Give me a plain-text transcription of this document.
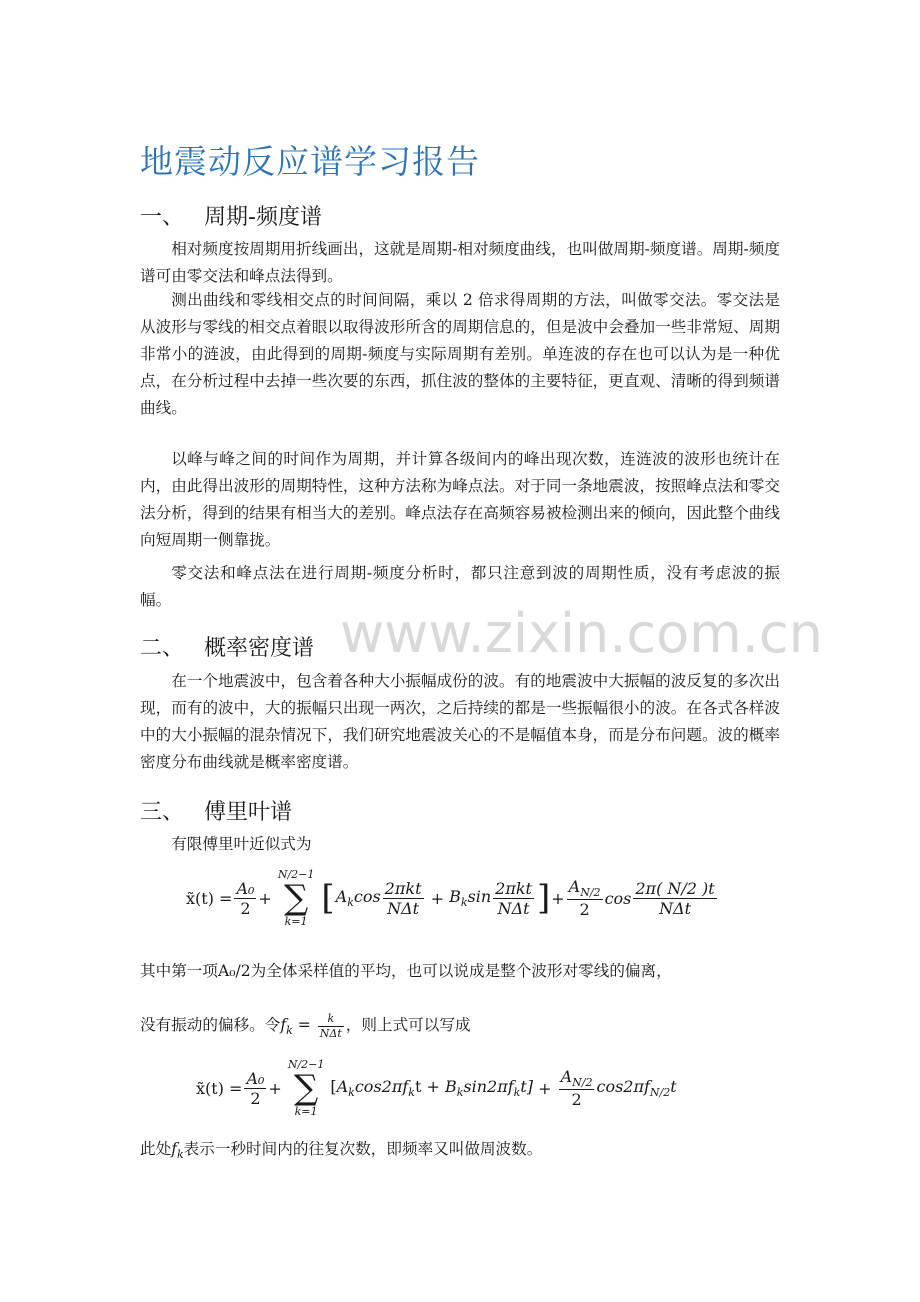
地震动反应谱学习报告
一、 周期-频度谱

相对频度按周期用折线画出，这就是周期-相对频度曲线，也叫做周期-频度谱。周期-频度谱可由零交法和峰点法得到。

测出曲线和零线相交点的时间间隔，乘以 2 倍求得周期的方法，叫做零交法。零交法是从波形与零线的相交点着眼以取得波形所含的周期信息的，但是波中会叠加一些非常短、周期非常小的涟波，由此得到的周期-频度与实际周期有差别。单连波的存在也可以认为是一种优点，在分析过程中去掉一些次要的东西，抓住波的整体的主要特征，更直观、清晰的得到频谱曲线。

以峰与峰之间的时间作为周期，并计算各级间内的峰出现次数，连涟波的波形也统计在内，由此得出波形的周期特性，这种方法称为峰点法。对于同一条地震波，按照峰点法和零交法分析，得到的结果有相当大的差别。峰点法存在高频容易被检测出来的倾向，因此整个曲线向短周期一侧靠拢。

零交法和峰点法在进行周期-频度分析时，都只注意到波的周期性质，没有考虑波的振幅。

二、 概率密度谱

在一个地震波中，包含着各种大小振幅成份的波。有的地震波中大振幅的波反复的多次出现，而有的波中，大的振幅只出现一两次，之后持续的都是一些振幅很小的波。在各式各样波中的大小振幅的混杂情况下，我们研究地震波关心的不是幅值本身，而是分布问题。波的概率密度分布曲线就是概率密度谱。

三、 傅里叶谱

有限傅里叶近似式为

x̃(t) = $\frac{\text{A₀}}{2}$ +
N/2−1
∑
k=1
[ $A_k\cos \frac{\text{2πkt}}{\text{NΔt}} + B_k\sin \frac{\text{2πkt}}{\text{NΔt}}$ ] + $\frac{A_{N/2}}{2}$ $\cos \frac{2\pi( N/2 )t}{\text{NΔt}}$

其中第一项A₀/2为全体采样值的平均，也可以说成是整个波形对零线的偏离，

没有振动的偏移。令$f_k = \frac{k}{\text{NΔt}}$ ，则上式可以写成

x̃(t) = $\frac{\text{A₀}}{2}$ +
N/2−1
∑
k=1
$[A_k\cos 2\pi f_kt + B_k\sin 2\pi f_kt] + \frac{A_{N/2}}{2} \cos 2\pi f_{N/2}t$

此处$f_k$表示一秒时间内的往复次数，即频率又叫做周波数。

www.zixin.com.cn
